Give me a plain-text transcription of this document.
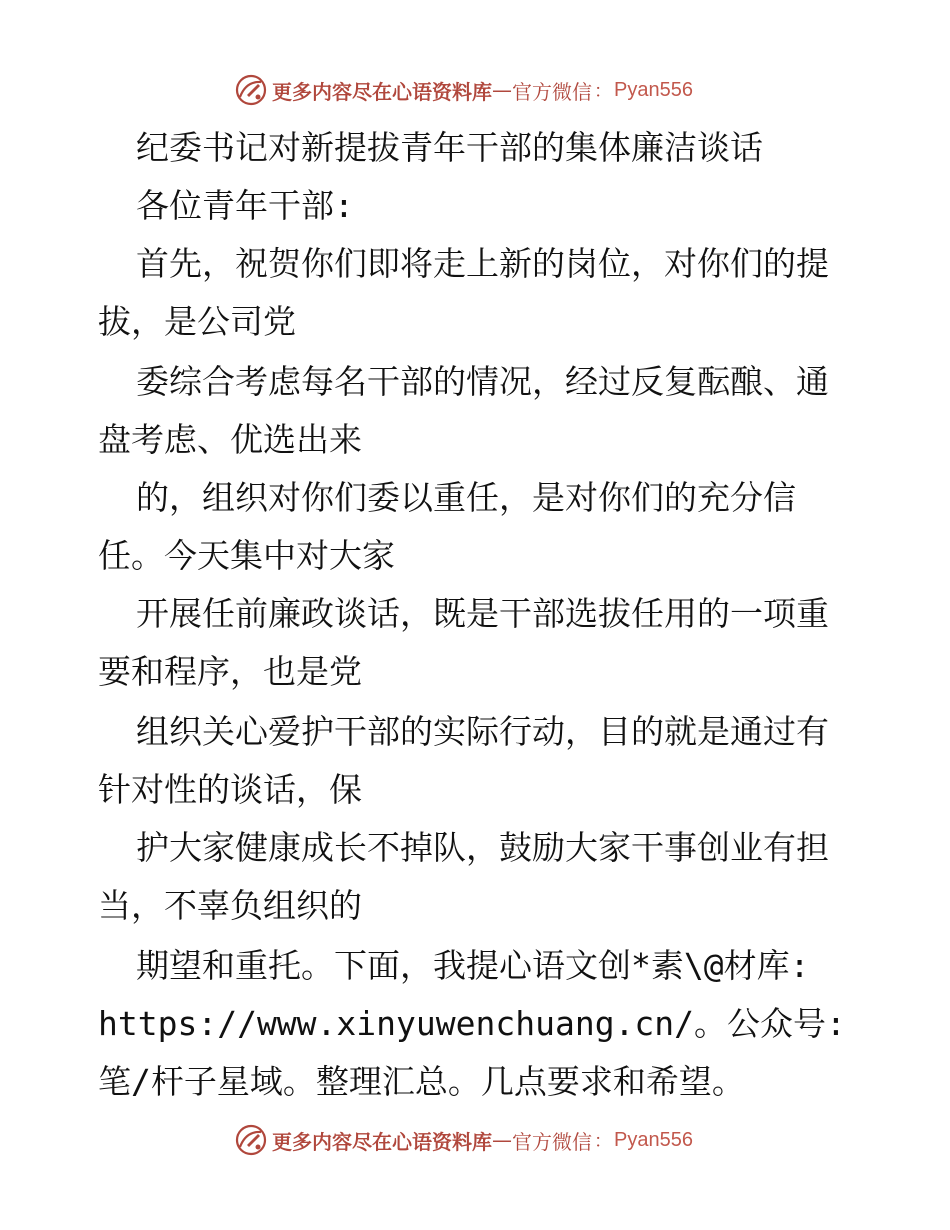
更多内容尽在心语资料库 — 官方微信 ： Pyan556
纪委书记对新提拔青年干部的集体廉洁谈话
各位青年干部:
首先，祝贺你们即将走上新的岗位，对你们的提
拔，是公司党
委综合考虑每名干部的情况，经过反复酝酿、通
盘考虑、优选出来
的，组织对你们委以重任，是对你们的充分信
任。今天集中对大家
开展任前廉政谈话，既是干部选拔任用的一项重
要和程序，也是党
组织关心爱护干部的实际行动，目的就是通过有
针对性的谈话，保
护大家健康成长不掉队，鼓励大家干事创业有担
当，不辜负组织的
期望和重托。下面，我提心语文创*素\@材库:
https://www.xinyuwenchuang.cn/。公众号:
笔/杆子星域。整理汇总。几点要求和希望。
更多内容尽在心语资料库 — 官方微信 ： Pyan556
